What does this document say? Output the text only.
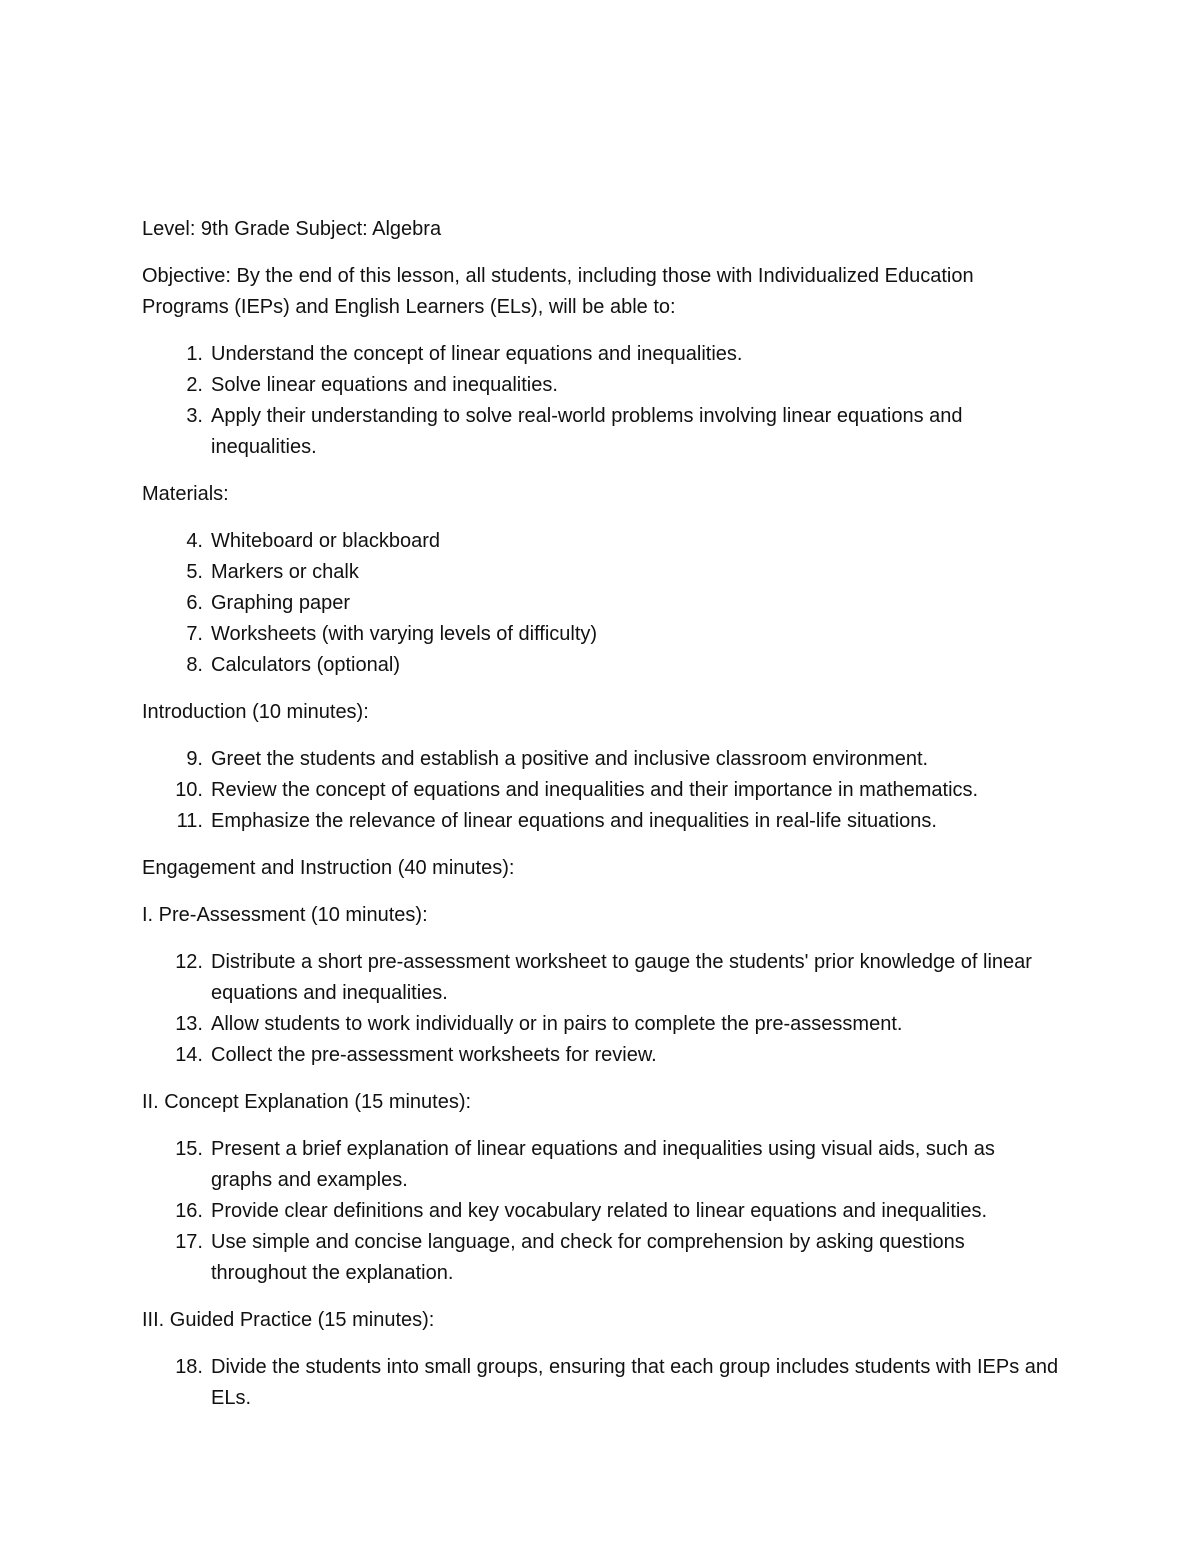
Level: 9th Grade Subject: Algebra

Objective: By the end of this lesson, all students, including those with Individualized Education Programs (IEPs) and English Learners (ELs), will be able to:

1. Understand the concept of linear equations and inequalities.
2. Solve linear equations and inequalities.
3. Apply their understanding to solve real-world problems involving linear equations and inequalities.

Materials:

4. Whiteboard or blackboard
5. Markers or chalk
6. Graphing paper
7. Worksheets (with varying levels of difficulty)
8. Calculators (optional)

Introduction (10 minutes):

9. Greet the students and establish a positive and inclusive classroom environment.
10. Review the concept of equations and inequalities and their importance in mathematics.
11. Emphasize the relevance of linear equations and inequalities in real-life situations.

Engagement and Instruction (40 minutes):

I. Pre-Assessment (10 minutes):

12. Distribute a short pre-assessment worksheet to gauge the students' prior knowledge of linear equations and inequalities.
13. Allow students to work individually or in pairs to complete the pre-assessment.
14. Collect the pre-assessment worksheets for review.

II. Concept Explanation (15 minutes):

15. Present a brief explanation of linear equations and inequalities using visual aids, such as graphs and examples.
16. Provide clear definitions and key vocabulary related to linear equations and inequalities.
17. Use simple and concise language, and check for comprehension by asking questions throughout the explanation.

III. Guided Practice (15 minutes):

18. Divide the students into small groups, ensuring that each group includes students with IEPs and ELs.
